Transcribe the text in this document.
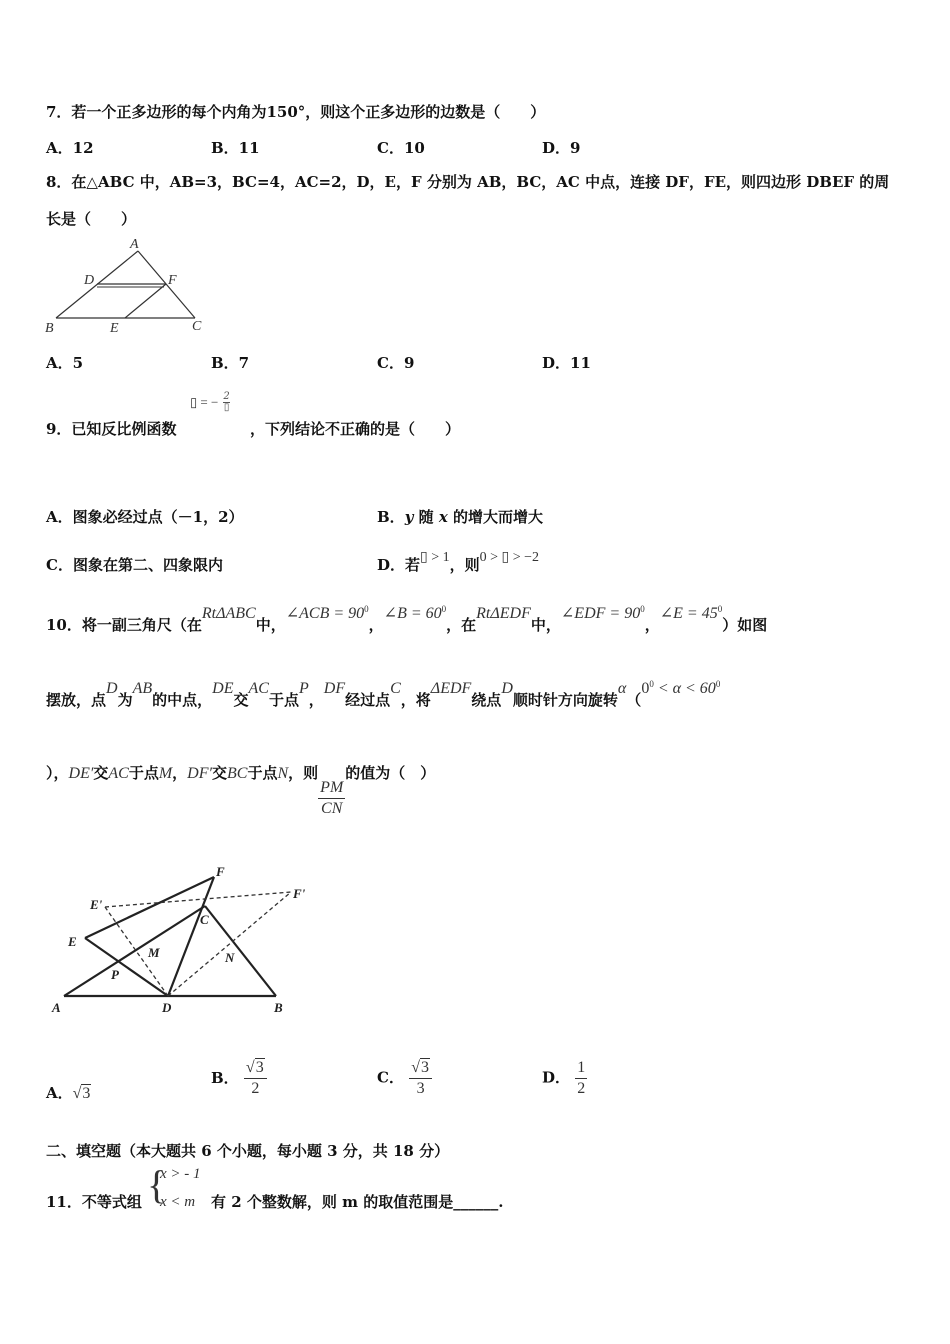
7．若一个正多边形的每个内角为150°，则这个正多边形的边数是（　　）
A．12	B．11	C．10	D．9
8．在△ABC 中，AB=3，BC=4，AC=2，D，E，F 分别为 AB，BC，AC 中点，连接 DF，FE，则四边形 DBEF 的周
长是（　　）
A
D	F
B	E	C
A．5	B．7	C．9	D．11
9．已知反比例函数
▯ = − 2
▯
，下列结论不正确的是（　　）
A．图象必经过点（－1，2）	B．y 随 x 的增大而增大
C．图象在第二、四象限内	D．若▯ > 1，则0 > ▯ > −2
10．将一副三角尺（在RtΔABC中，∠ACB = $90^0$，∠B = $60^0$，在RtΔEDF中，∠EDF = $90^0$，∠E = $45^0$）如图
摆放，点D为AB的中点，DE交AC于点P，DF经过点C，将ΔEDF绕点D顺时针方向旋转$\alpha(0^0 < \alpha < 60^0$
），DE′交AC于点M，DF′交BC于点N，则
$\frac{PM}{CN}$
的值为（　）
F
E'
F'
C
E
M	N
P
A	D	B
A．√3
B． $\frac{√3}{2}$	C． $\frac{√3}{3}$	D． $\frac{1}{2}$
二、填空题（本大题共 6 个小题，每小题 3 分，共 18 分）
11．不等式组 {
x > - 1
x < m 有 2 个整数解，则 m 的取值范围是______.
